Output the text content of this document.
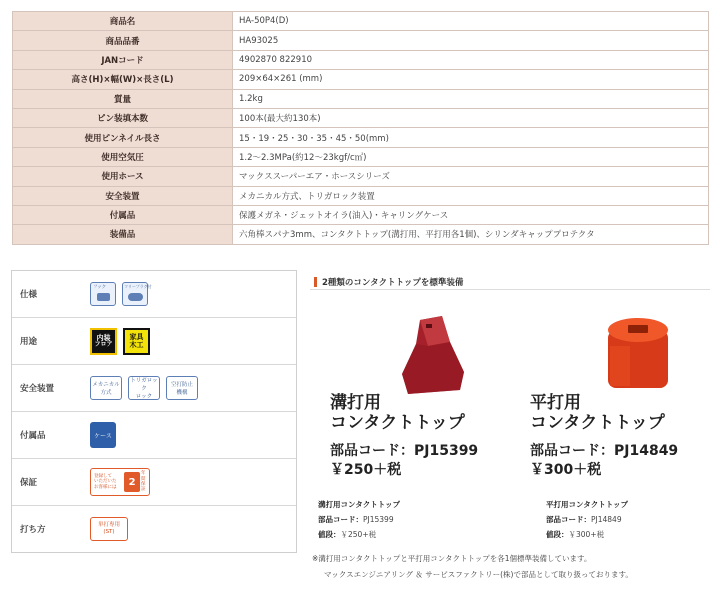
商品名	HA-50P4(D)
商品品番	HA93025
JANコード	4902870 822910
高さ(H)×幅(W)×長さ(L)	209×64×261 (mm)
質量	1.2kg
ピン装填本数	100本(最大約130本)
使用ピンネイル長さ	15・19・25・30・35・45・50(mm)
使用空気圧	1.2〜2.3MPa(約12〜23kgf/c㎡)
使用ホース	マックススーパーエア・ホースシリーズ
安全装置	メカニカル方式、トリガロック装置
付属品	保護メガネ・ジェットオイラ(油入)・キャリングケース
装備品	六角棒スパナ3mm、コンタクトトップ(溝打用、平打用各1個)、シリンダキャッププロテクタ
仕様
フック	フリープラグ付
用途	内装
フロア
家具
木工
安全装置	メカニカル
方式
トリガロック
ロック
空打防止
機構
付属品	ケース
保証
登録して
いただいた
お客様には	2
年間
保証
打ち方
単打専用
(ST)
2種類のコンタクトトップを標準装備
溝打用
コンタクトトップ
部品コード：PJ15399
￥250＋税
平打用
コンタクトトップ
部品コード：PJ14849
￥300＋税
溝打用コンタクトトップ
部品コード：PJ15399
値段：￥250+税
平打用コンタクトトップ
部品コード：PJ14849
値段：￥300+税
※溝打用コンタクトトップと平打用コンタクトトップを各1個標準装備しています。
マックスエンジニアリング ＆ サービスファクトリー(株)で部品として取り扱っております。
